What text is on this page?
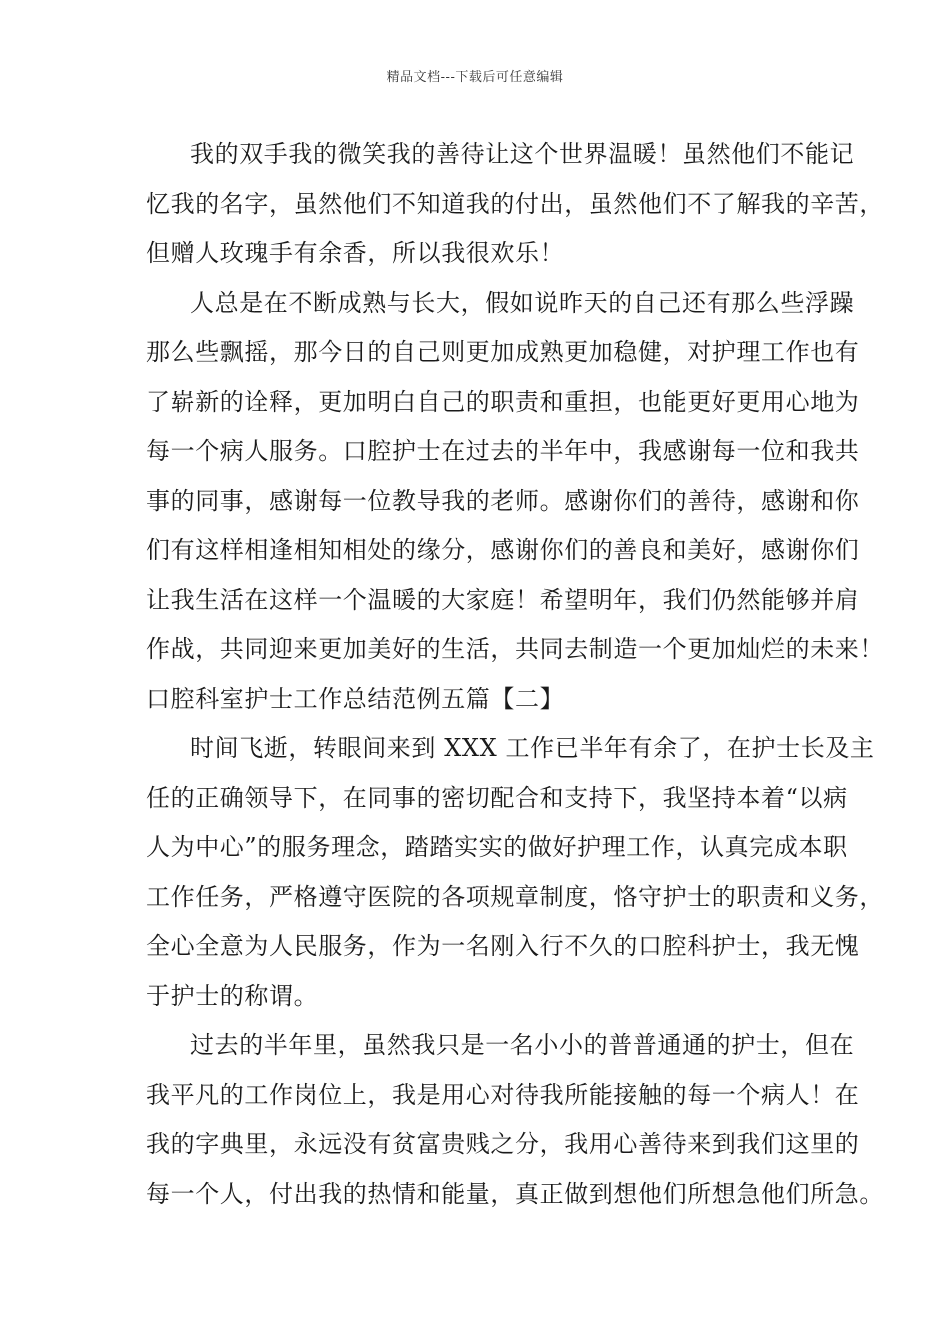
精品文档---下载后可任意编辑
我的双手我的微笑我的善待让这个世界温暖！虽然他们不能记
忆我的名字，虽然他们不知道我的付出，虽然他们不了解我的辛苦，
但赠人玫瑰手有余香，所以我很欢乐！
人总是在不断成熟与长大，假如说昨天的自己还有那么些浮躁
那么些飘摇，那今日的自己则更加成熟更加稳健，对护理工作也有
了崭新的诠释，更加明白自己的职责和重担，也能更好更用心地为
每一个病人服务。口腔护士在过去的半年中，我感谢每一位和我共
事的同事，感谢每一位教导我的老师。感谢你们的善待，感谢和你
们有这样相逢相知相处的缘分，感谢你们的善良和美好，感谢你们
让我生活在这样一个温暖的大家庭！希望明年，我们仍然能够并肩
作战，共同迎来更加美好的生活，共同去制造一个更加灿烂的未来！
口腔科室护士工作总结范例五篇【二】
时间飞逝，转眼间来到 XXX 工作已半年有余了，在护士长及主
任的正确领导下，在同事的密切配合和支持下，我坚持本着“以病
人为中心”的服务理念，踏踏实实的做好护理工作，认真完成本职
工作任务，严格遵守医院的各项规章制度，恪守护士的职责和义务，
全心全意为人民服务，作为一名刚入行不久的口腔科护士，我无愧
于护士的称谓。
过去的半年里，虽然我只是一名小小的普普通通的护士，但在
我平凡的工作岗位上，我是用心对待我所能接触的每一个病人！在
我的字典里，永远没有贫富贵贱之分，我用心善待来到我们这里的
每一个人，付出我的热情和能量，真正做到想他们所想急他们所急。
